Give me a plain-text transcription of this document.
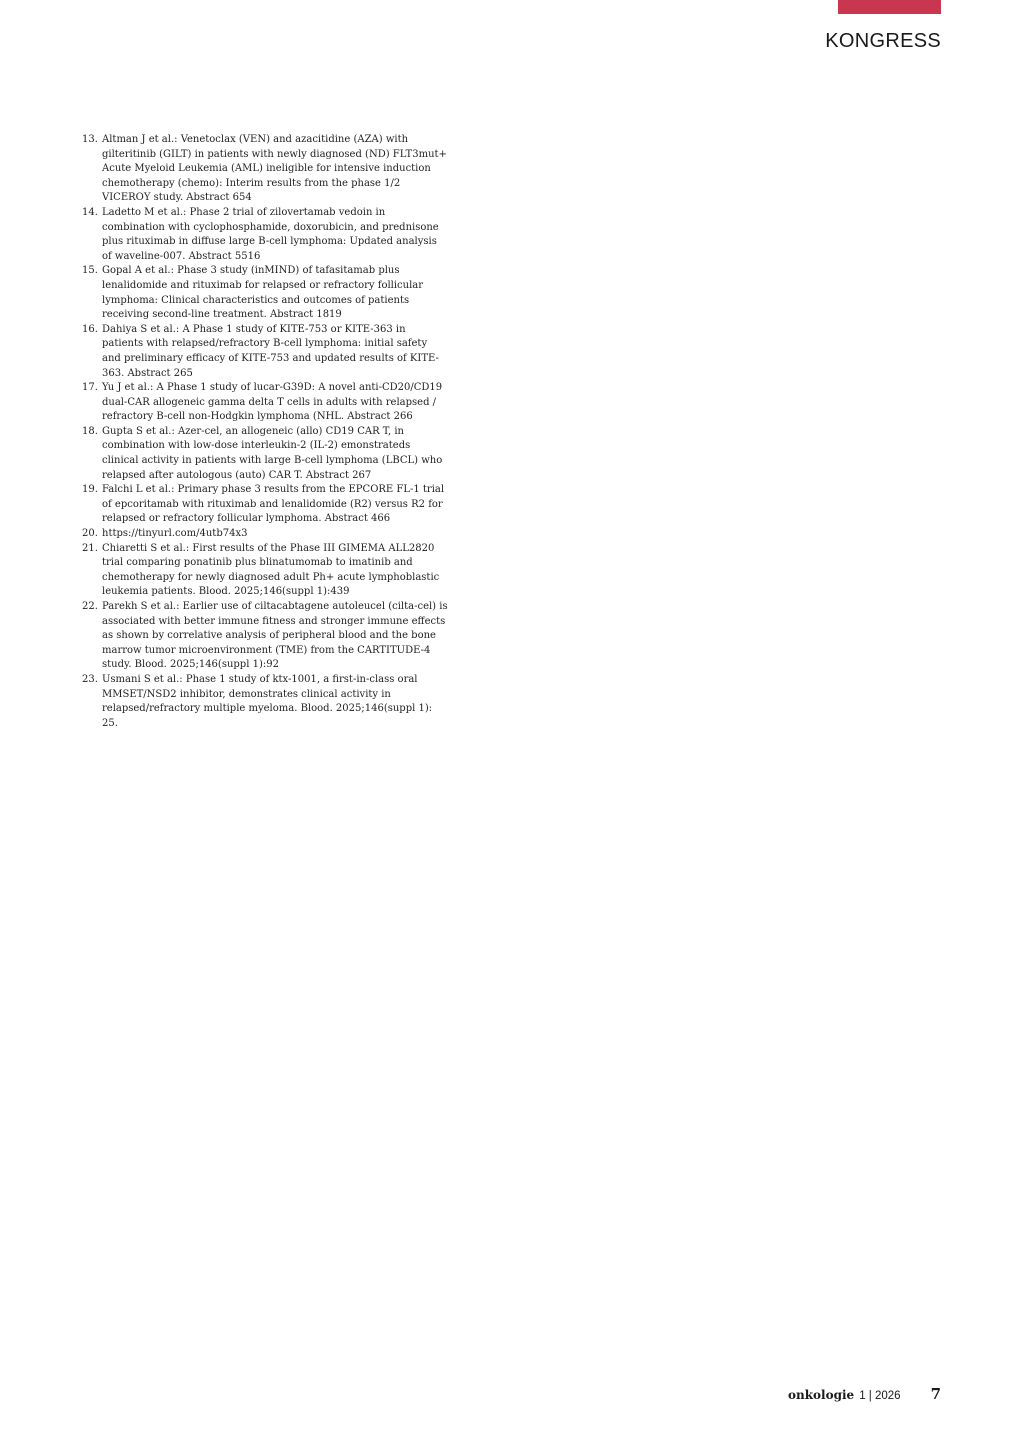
KONGRESS
13. Altman J et al.: Venetoclax (VEN) and azacitidine (AZA) with gilteritinib (GILT) in patients with newly diagnosed (ND) FLT3mut+ Acute Myeloid Leukemia (AML) ineligible for intensive induction chemotherapy (chemo): Interim results from the phase 1/2 VICEROY study. Abstract 654
14. Ladetto M et al.: Phase 2 trial of zilovertamab vedoin in combination with cyclophosphamide, doxorubicin, and prednisone plus rituximab in diffuse large B-cell lymphoma: Updated analysis of waveline-007. Abstract 5516
15. Gopal A et al.: Phase 3 study (inMIND) of tafasitamab plus lenalidomide and rituximab for relapsed or refractory follicular lymphoma: Clinical characteristics and outcomes of patients receiving second-line treatment. Abstract 1819
16. Dahiya S et al.: A Phase 1 study of KITE-753 or KITE-363 in patients with relapsed/refractory B-cell lymphoma: initial safety and preliminary efficacy of KITE-753 and updated results of KITE-363. Abstract 265
17. Yu J et al.: A Phase 1 study of lucar-G39D: A novel anti-CD20/CD19 dual-CAR allogeneic gamma delta T cells in adults with relapsed / refractory B-cell non-Hodgkin lymphoma (NHL. Abstract 266
18. Gupta S et al.: Azer-cel, an allogeneic (allo) CD19 CAR T, in combination with low-dose interleukin-2 (IL-2) emonstrateds clinical activity in patients with large B-cell lymphoma (LBCL) who relapsed after autologous (auto) CAR T. Abstract 267
19. Falchi L et al.: Primary phase 3 results from the EPCORE FL-1 trial of epcoritamab with rituximab and lenalidomide (R2) versus R2 for relapsed or refractory follicular lymphoma. Abstract 466
20. https://tinyurl.com/4utb74x3
21. Chiaretti S et al.: First results of the Phase III GIMEMA ALL2820 trial comparing ponatinib plus blinatumomab to imatinib and chemotherapy for newly diagnosed adult Ph+ acute lymphoblastic leukemia patients. Blood. 2025;146(suppl 1):439
22. Parekh S et al.: Earlier use of ciltacabtagene autoleucel (cilta-cel) is associated with better immune fitness and stronger immune effects as shown by correlative analysis of peripheral blood and the bone marrow tumor microenvironment (TME) from the CARTITUDE-4 study. Blood. 2025;146(suppl 1):92
23. Usmani S et al.: Phase 1 study of ktx-1001, a first-in-class oral MMSET/NSD2 inhibitor, demonstrates clinical activity in relapsed/refractory multiple myeloma. Blood. 2025;146(suppl 1): 25.
onkologie 1 | 2026 7
